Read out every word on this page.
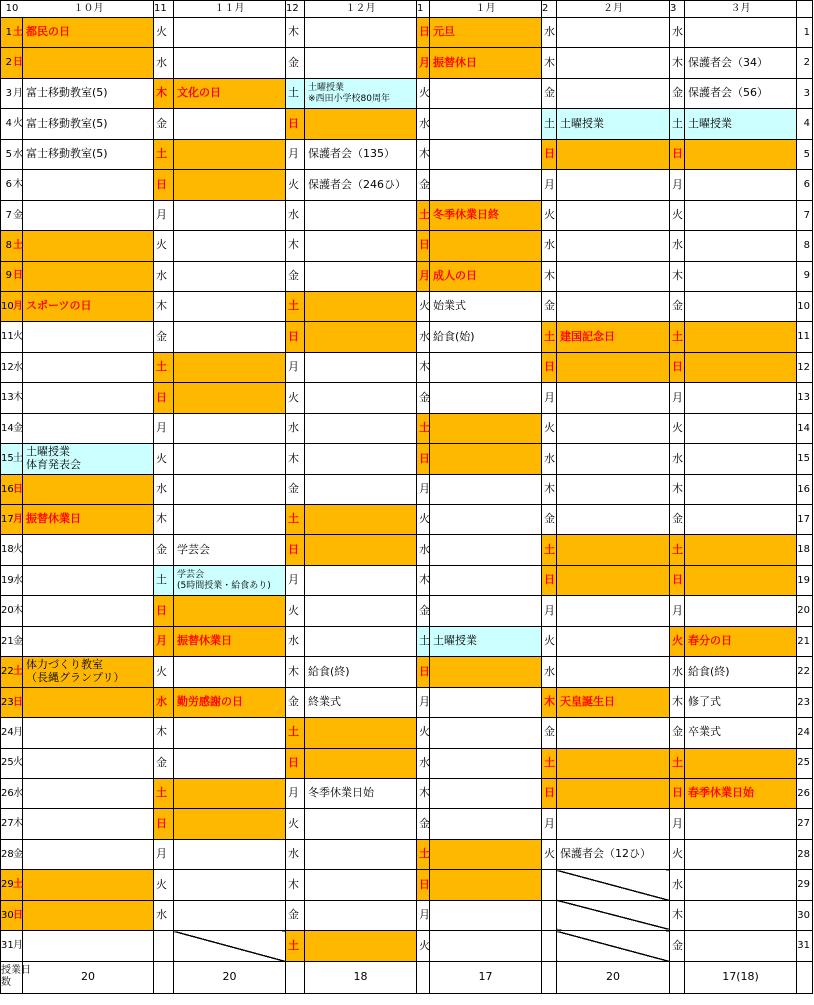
10 １０月		11	１１月	12	１２月	1	１月	2	２月	3	３月	
1土	都民の日	火		木		日	元旦	水		水		1
2日		水		金		月	振替休日	木		木	保護者会（34）	2
3月	富士移動教室(5)	木	文化の日	土	土曜授業
※西田小学校80周年	火		金		金	保護者会（56）	3
4火	富士移動教室(5)	金		日		水		土	土曜授業	土	土曜授業	4
5水	富士移動教室(5)	土		月	保護者会（135）	木		日		日		5
6木		日		火	保護者会（246ひ）	金		月		月		6
7金		月		水		土	冬季休業日終	火		火		7
8土		火		木		日		水		水		8
9日		水		金		月	成人の日	木		木		9
10月	スポーツの日	木		土		火	始業式	金		金		10
11火		金		日		水	給食(始)	土	建国記念日	土		11
12水		土		月		木		日		日		12
13木		日		火		金		月		月		13
14金		月		水		土		火		火		14
15土	土曜授業
体育発表会	火		木		日		水		水		15
16日		水		金		月		木		木		16
17月	振替休業日	木		土		火		金		金		17
18火		金	学芸会	日		水		土		土		18
19水		土	学芸会
(5時間授業・給食あり)	月		木		日		日		19
20木		日		火		金		月		月		20
21金		月	振替休業日	水		土	土曜授業	火		火	春分の日	21
22土	体力づくり教室
（長縄グランプリ）	火		木	給食(終)	日		水		水	給食(終)	22
23日		水	勤労感謝の日	金	終業式	月		木	天皇誕生日	木	修了式	23
24月		木		土		火		金		金	卒業式	24
25火		金		日		水		土		土		25
26水		土		月	冬季休業日始	木		日		日	春季休業日始	26
27木		日		火		金		月		月		27
28金		月		水		土		火	保護者会（12ひ）	火		28
29土		火		木		日				水		29
30日		水		金		月				木		30
31月				土		火				金		31

授業日
数	20		20		18		17		20		17(18)	
